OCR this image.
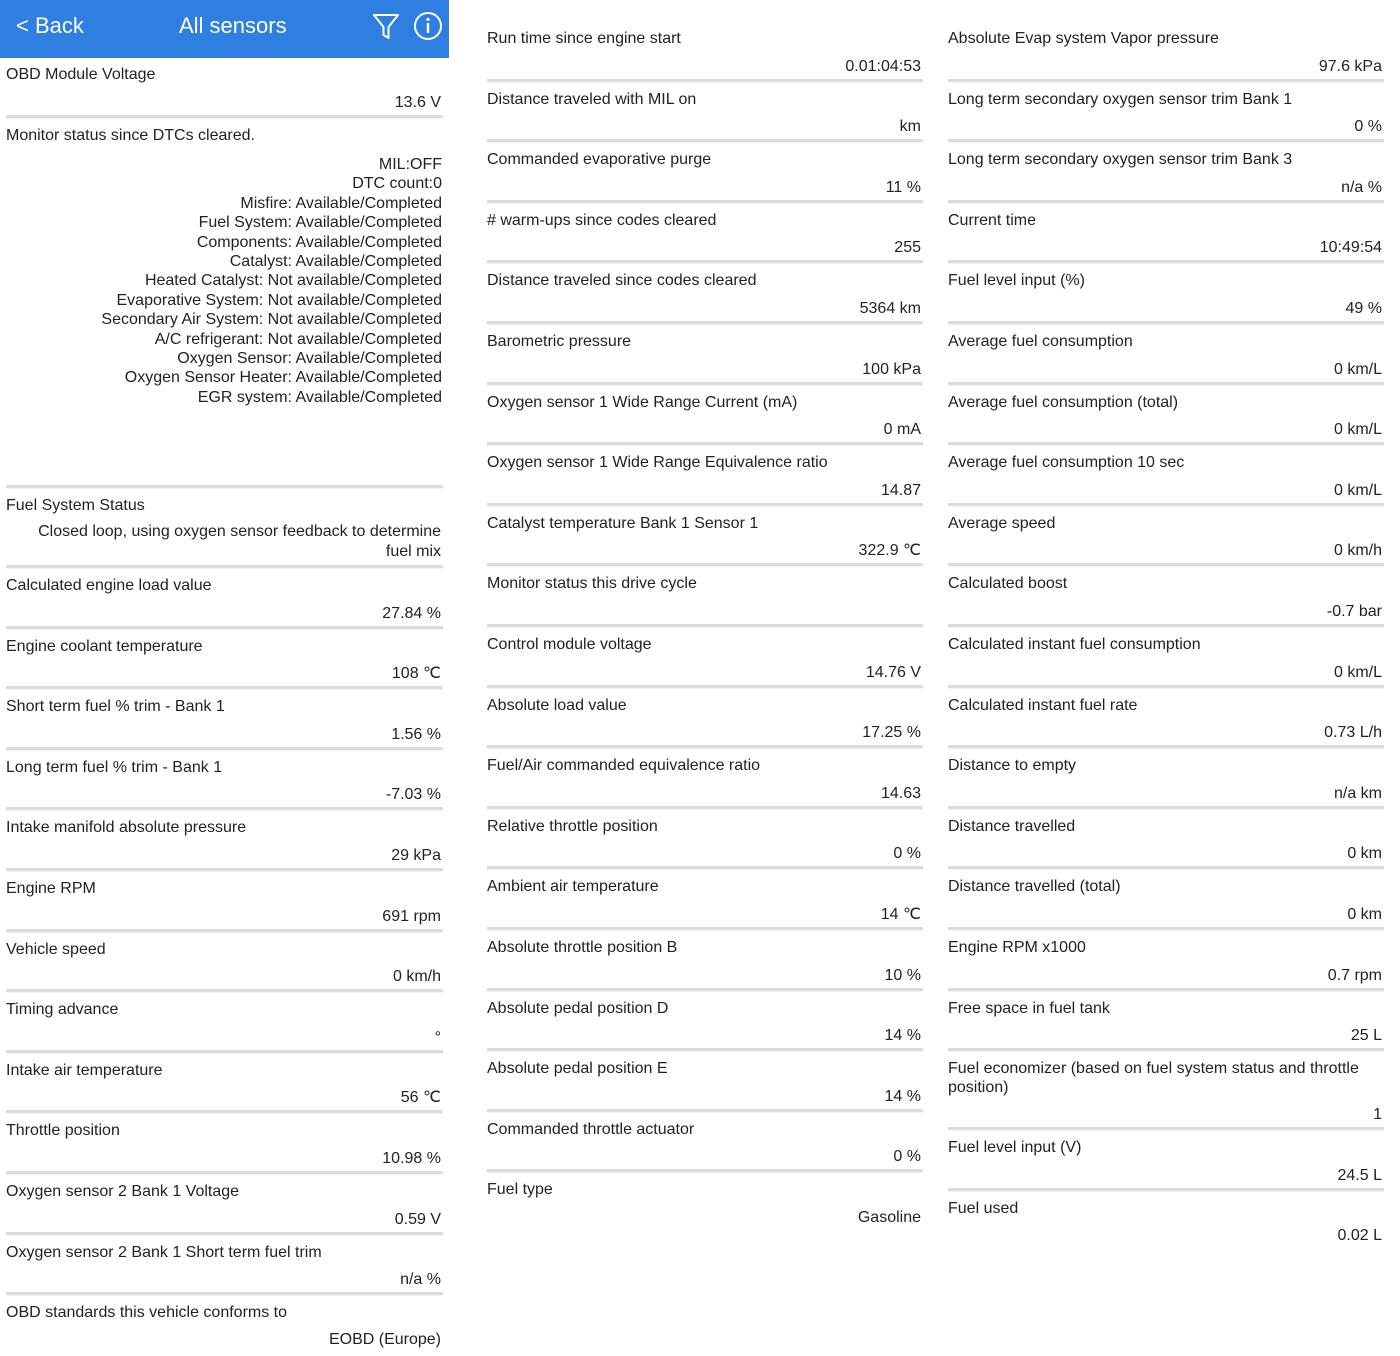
< Back	All sensors
OBD Module Voltage
13.6 V
Monitor status since DTCs cleared.
MIL:OFF
DTC count:0
Misfire: Available/Completed
Fuel System: Available/Completed
Components: Available/Completed
Catalyst: Available/Completed
Heated Catalyst: Not available/Completed
Evaporative System: Not available/Completed
Secondary Air System: Not available/Completed
A/C refrigerant: Not available/Completed
Oxygen Sensor: Available/Completed
Oxygen Sensor Heater: Available/Completed
EGR system: Available/Completed
Fuel System Status
Closed loop, using oxygen sensor feedback to determine fuel mix
Calculated engine load value
27.84 %
Engine coolant temperature
108 ℃
Short term fuel % trim - Bank 1
1.56 %
Long term fuel % trim - Bank 1
-7.03 %
Intake manifold absolute pressure
29 kPa
Engine RPM
691 rpm
Vehicle speed
0 km/h
Timing advance
°
Intake air temperature
56 ℃
Throttle position
10.98 %
Oxygen sensor 2 Bank 1 Voltage
0.59 V
Oxygen sensor 2 Bank 1 Short term fuel trim
n/a %
OBD standards this vehicle conforms to
EOBD (Europe)
Run time since engine start
0.01:04:53
Distance traveled with MIL on
km
Commanded evaporative purge
11 %
# warm-ups since codes cleared
255
Distance traveled since codes cleared
5364 km
Barometric pressure
100 kPa
Oxygen sensor 1 Wide Range Current (mA)
0 mA
Oxygen sensor 1 Wide Range Equivalence ratio
14.87
Catalyst temperature Bank 1 Sensor 1
322.9 ℃
Monitor status this drive cycle
Control module voltage
14.76 V
Absolute load value
17.25 %
Fuel/Air commanded equivalence ratio
14.63
Relative throttle position
0 %
Ambient air temperature
14 ℃
Absolute throttle position B
10 %
Absolute pedal position D
14 %
Absolute pedal position E
14 %
Commanded throttle actuator
0 %
Fuel type
Gasoline
Absolute Evap system Vapor pressure
97.6 kPa
Long term secondary oxygen sensor trim Bank 1
0 %
Long term secondary oxygen sensor trim Bank 3
n/a %
Current time
10:49:54
Fuel level input (%)
49 %
Average fuel consumption
0 km/L
Average fuel consumption (total)
0 km/L
Average fuel consumption 10 sec
0 km/L
Average speed
0 km/h
Calculated boost
-0.7 bar
Calculated instant fuel consumption
0 km/L
Calculated instant fuel rate
0.73 L/h
Distance to empty
n/a km
Distance travelled
0 km
Distance travelled (total)
0 km
Engine RPM x1000
0.7 rpm
Free space in fuel tank
25 L
Fuel economizer (based on fuel system status and throttle position)
1
Fuel level input (V)
24.5 L
Fuel used
0.02 L
